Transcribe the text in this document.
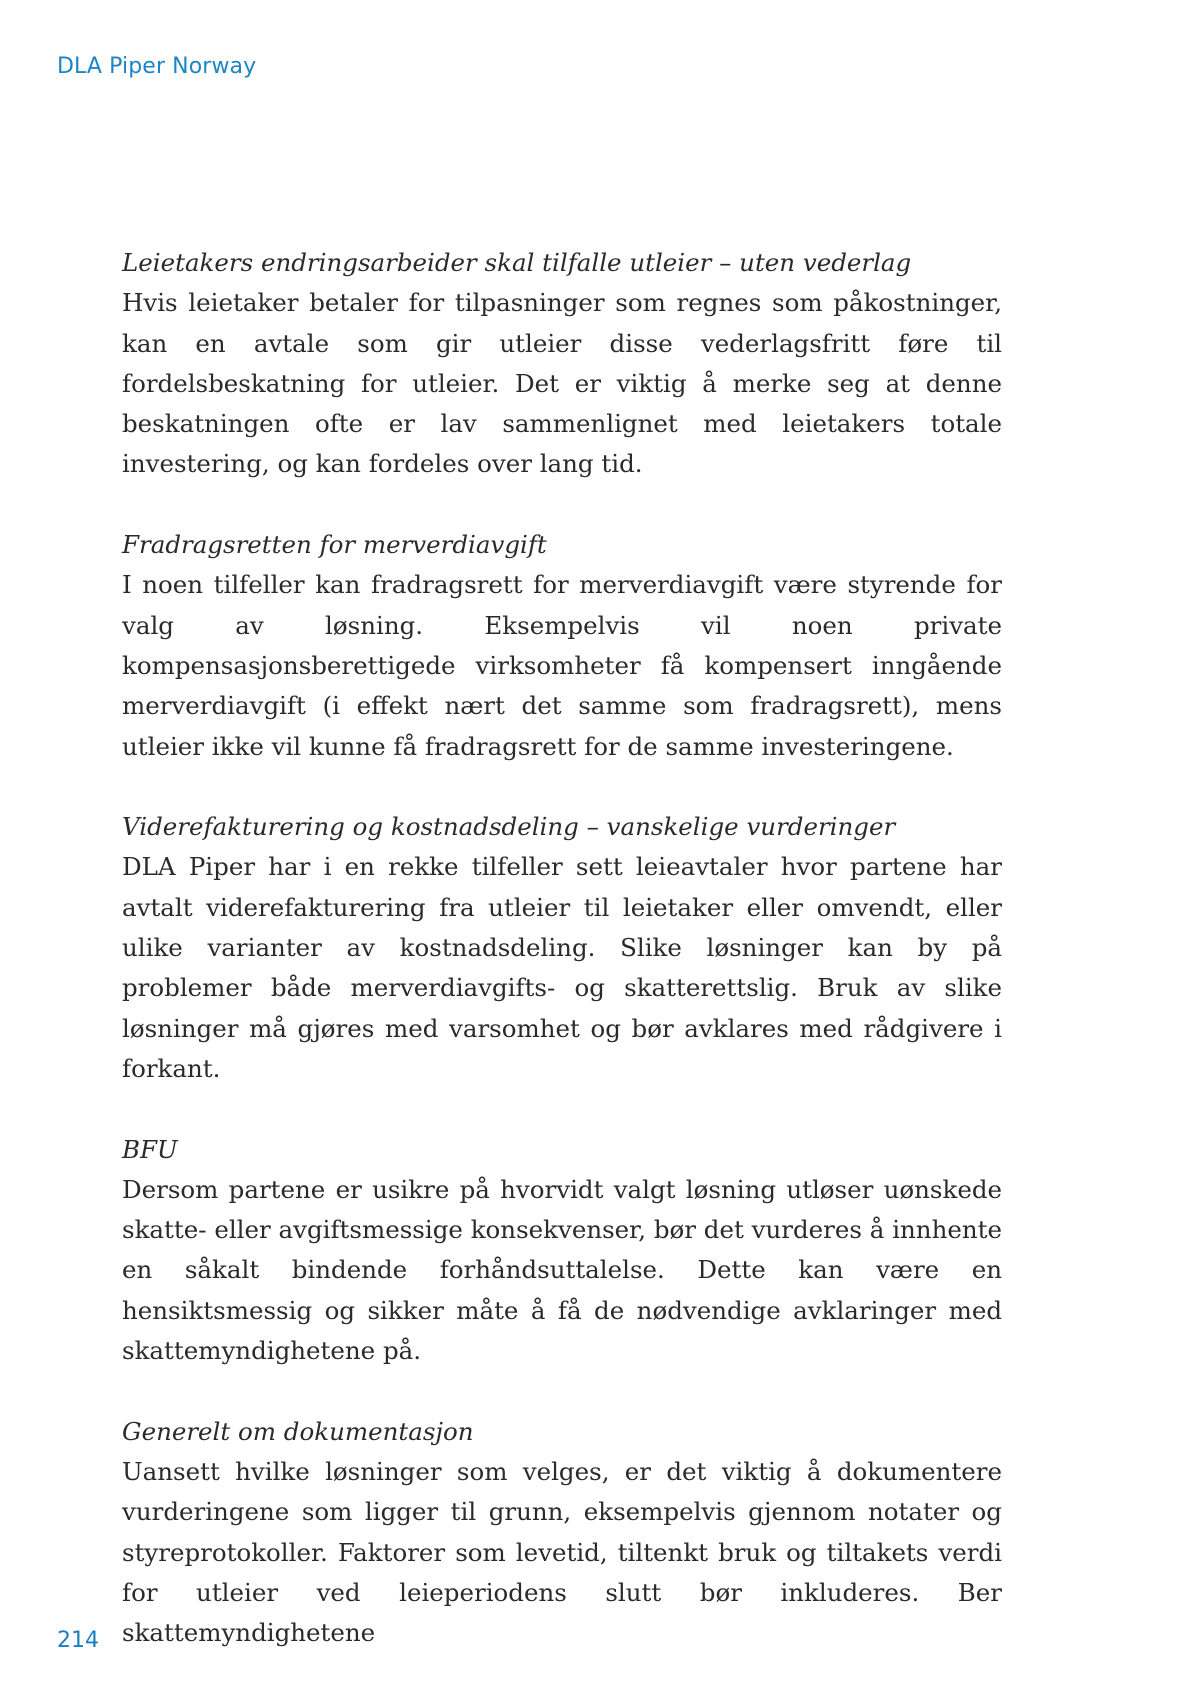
DLA Piper Norway

Leietakers endringsarbeider skal tilfalle utleier – uten vederlag

Hvis leietaker betaler for tilpasninger som regnes som påkostninger, kan en avtale som gir utleier disse vederlagsfritt føre til fordelsbeskatning for utleier. Det er viktig å merke seg at denne beskatningen ofte er lav sammenlignet med leietakers totale investering, og kan fordeles over lang tid.

Fradragsretten for merverdiavgift

I noen tilfeller kan fradragsrett for merverdiavgift være styrende for valg av løsning. Eksempelvis vil noen private kompensasjonsberettigede virksomheter få kompensert inngående merverdiavgift (i effekt nært det samme som fradragsrett), mens utleier ikke vil kunne få fradragsrett for de samme investeringene.

Viderefakturering og kostnadsdeling – vanskelige vurderinger

DLA Piper har i en rekke tilfeller sett leieavtaler hvor partene har avtalt viderefakturering fra utleier til leietaker eller omvendt, eller ulike varianter av kostnadsdeling. Slike løsninger kan by på problemer både merverdiavgifts- og skatterettslig. Bruk av slike løsninger må gjøres med varsomhet og bør avklares med rådgivere i forkant.

BFU

Dersom partene er usikre på hvorvidt valgt løsning utløser uønskede skatte- eller avgiftsmessige konsekvenser, bør det vurderes å innhente en såkalt bindende forhåndsuttalelse. Dette kan være en hensiktsmessig og sikker måte å få de nødvendige avklaringer med skattemyndighetene på.

Generelt om dokumentasjon

Uansett hvilke løsninger som velges, er det viktig å dokumentere vurderingene som ligger til grunn, eksempelvis gjennom notater og styreprotokoller. Faktorer som levetid, tiltenkt bruk og tiltakets verdi for utleier ved leieperiodens slutt bør inkluderes. Ber skattemyndighetene

214
